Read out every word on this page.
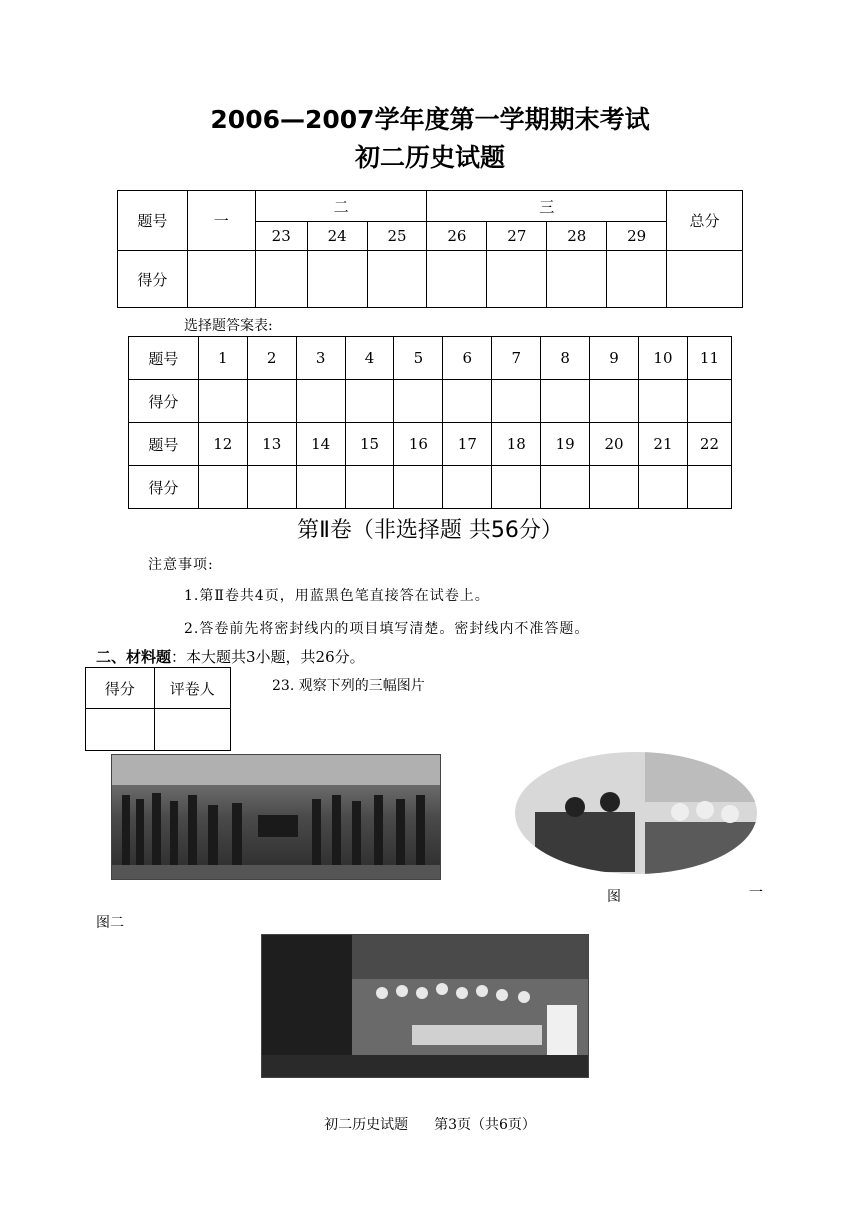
2006—2007学年度第一学期期末考试
初二历史试题
题号	一	二			三				总分
		23	24	25	26	27	28	29	
得分									
选择题答案表:
题号	1	2	3	4	5	6	7	8	9	10	11
得分											
题号	12	13	14	15	16	17	18	19	20	21	22
得分											
第Ⅱ卷（非选择题 共56分）
注意事项:
1.第Ⅱ卷共4页，用蓝黑色笔直接答在试卷上。
2.答卷前先将密封线内的项目填写清楚。密封线内不准答题。
二、材料题：本大题共3小题，共26分。
得分	评卷人
		23. 观察下列的三幅图片
图	一
图二
初二历史试题 第3页（共6页）
